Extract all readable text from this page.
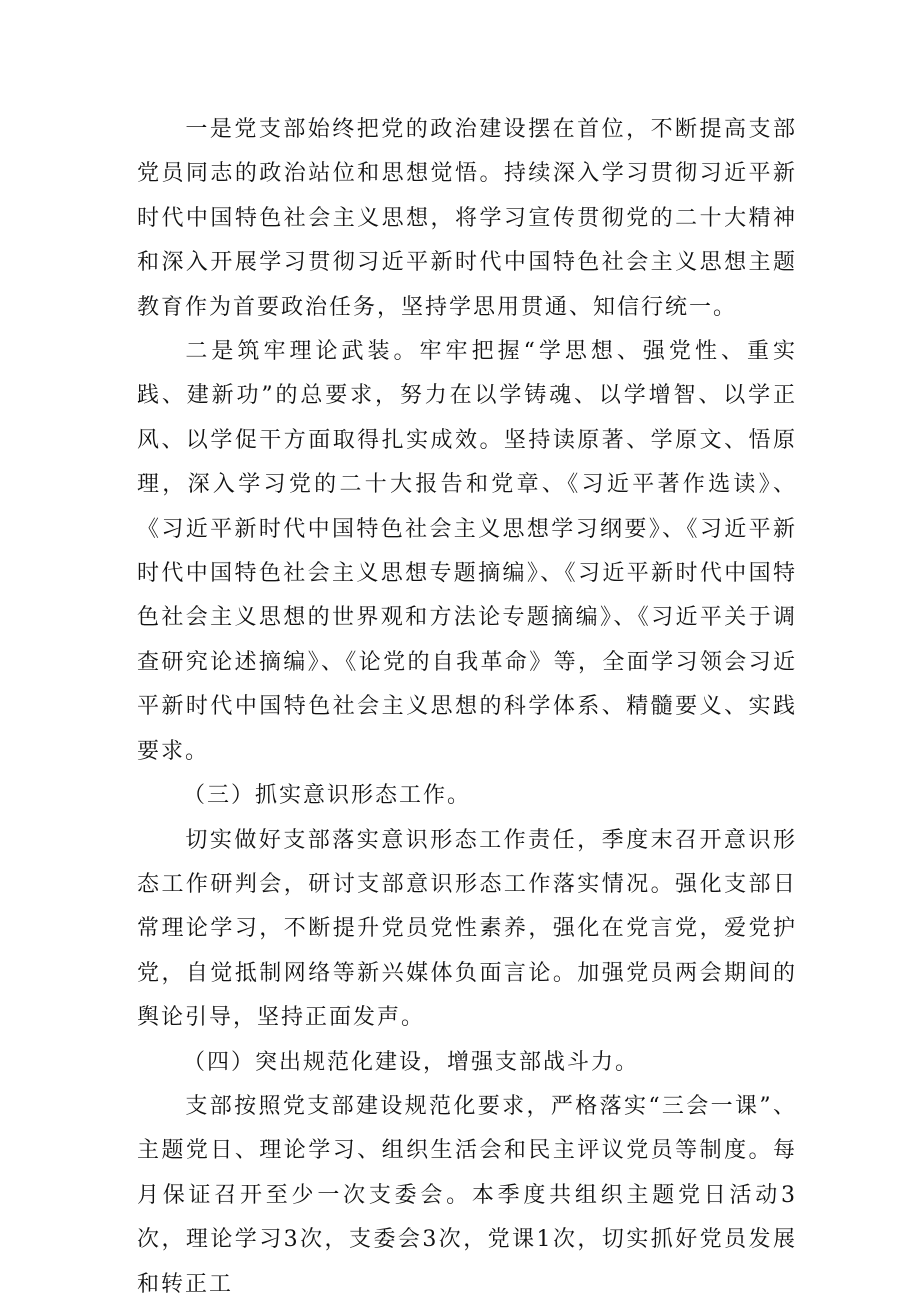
一是党支部始终把党的政治建设摆在首位，不断提高支部党员同志的政治站位和思想觉悟。持续深入学习贯彻习近平新时代中国特色社会主义思想，将学习宣传贯彻党的二十大精神和深入开展学习贯彻习近平新时代中国特色社会主义思想主题教育作为首要政治任务，坚持学思用贯通、知信行统一。

二是筑牢理论武装。牢牢把握“学思想、强党性、重实践、建新功”的总要求，努力在以学铸魂、以学增智、以学正风、以学促干方面取得扎实成效。坚持读原著、学原文、悟原理，深入学习党的二十大报告和党章、《习近平著作选读》、《习近平新时代中国特色社会主义思想学习纲要》、《习近平新时代中国特色社会主义思想专题摘编》、《习近平新时代中国特色社会主义思想的世界观和方法论专题摘编》、《习近平关于调查研究论述摘编》、《论党的自我革命》等，全面学习领会习近平新时代中国特色社会主义思想的科学体系、精髓要义、实践要求。

（三）抓实意识形态工作。

切实做好支部落实意识形态工作责任，季度末召开意识形态工作研判会，研讨支部意识形态工作落实情况。强化支部日常理论学习，不断提升党员党性素养，强化在党言党，爱党护党，自觉抵制网络等新兴媒体负面言论。加强党员两会期间的舆论引导，坚持正面发声。

（四）突出规范化建设，增强支部战斗力。

支部按照党支部建设规范化要求，严格落实“三会一课”、主题党日、理论学习、组织生活会和民主评议党员等制度。每月保证召开至少一次支委会。本季度共组织主题党日活动3次，理论学习3次，支委会3次，党课1次，切实抓好党员发展和转正工
